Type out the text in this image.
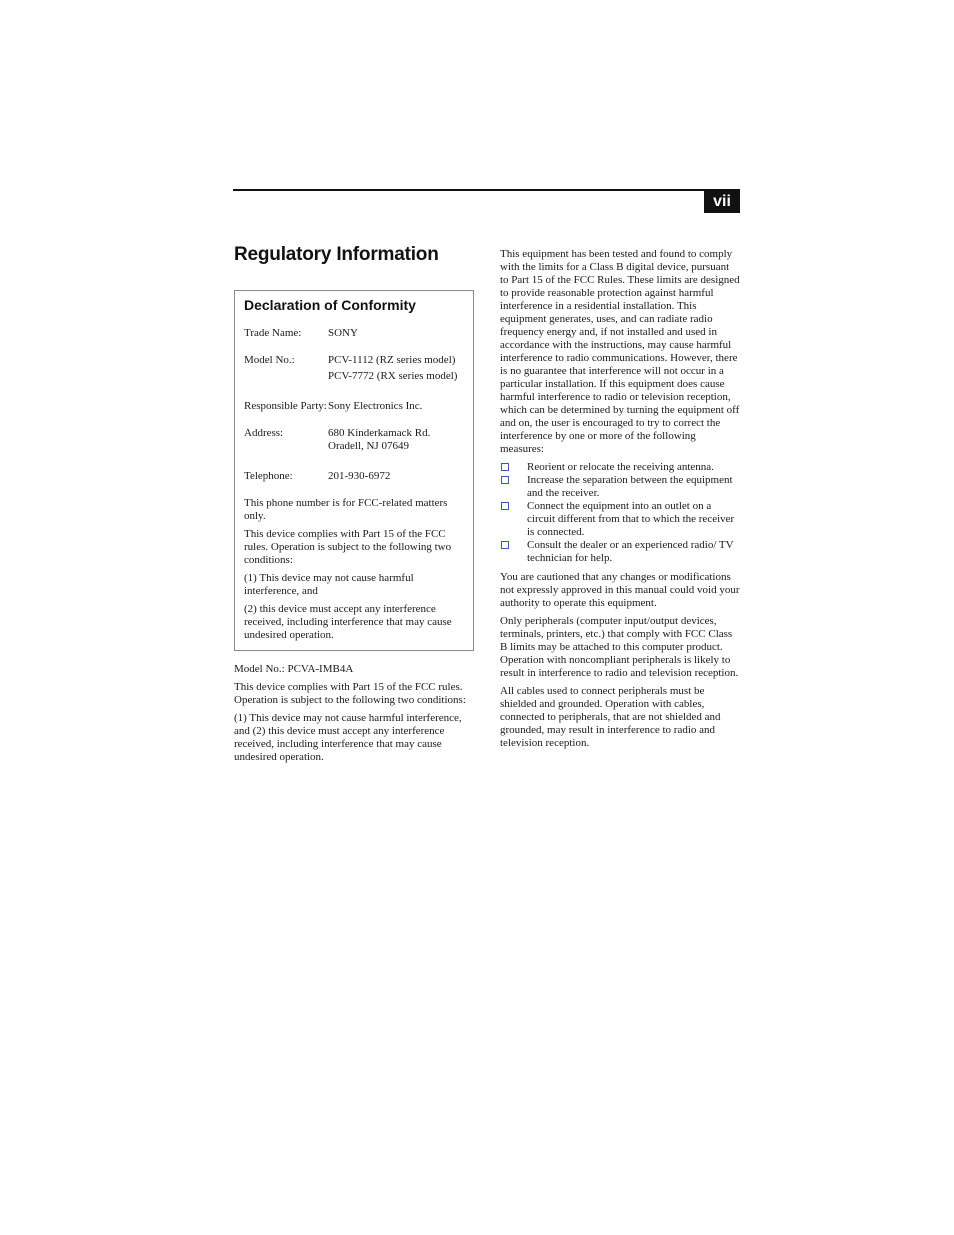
vii
Regulatory Information
Declaration of Conformity
Trade Name:	SONY
Model No.:	PCV-1112 (RZ series model)
PCV-7772 (RX series model)
Responsible Party: Sony Electronics Inc.
Address:	680 Kinderkamack Rd.
Oradell, NJ 07649
Telephone:	201-930-6972

This phone number is for FCC-related matters only.

This device complies with Part 15 of the FCC rules. Operation is subject to the following two conditions:

(1) This device may not cause harmful interference, and

(2) this device must accept any interference received, including interference that may cause undesired operation.

Model No.: PCVA-IMB4A

This device complies with Part 15 of the FCC rules. Operation is subject to the following two conditions:

(1) This device may not cause harmful interference, and (2) this device must accept any interference received, including interference that may cause undesired operation.

This equipment has been tested and found to comply with the limits for a Class B digital device, pursuant to Part 15 of the FCC Rules. These limits are designed to provide reasonable protection against harmful interference in a residential installation. This equipment generates, uses, and can radiate radio frequency energy and, if not installed and used in accordance with the instructions, may cause harmful interference to radio communications. However, there is no guarantee that interference will not occur in a particular installation. If this equipment does cause harmful interference to radio or television reception, which can be determined by turning the equipment off and on, the user is encouraged to try to correct the interference by one or more of the following measures:

Reorient or relocate the receiving antenna.
Increase the separation between the equipment and the receiver.
Connect the equipment into an outlet on a circuit different from that to which the receiver is connected.
Consult the dealer or an experienced radio/ TV technician for help.

You are cautioned that any changes or modifications not expressly approved in this manual could void your authority to operate this equipment.

Only peripherals (computer input/output devices, terminals, printers, etc.) that comply with FCC Class B limits may be attached to this computer product. Operation with noncompliant peripherals is likely to result in interference to radio and television reception.

All cables used to connect peripherals must be shielded and grounded. Operation with cables, connected to peripherals, that are not shielded and grounded, may result in interference to radio and television reception.
